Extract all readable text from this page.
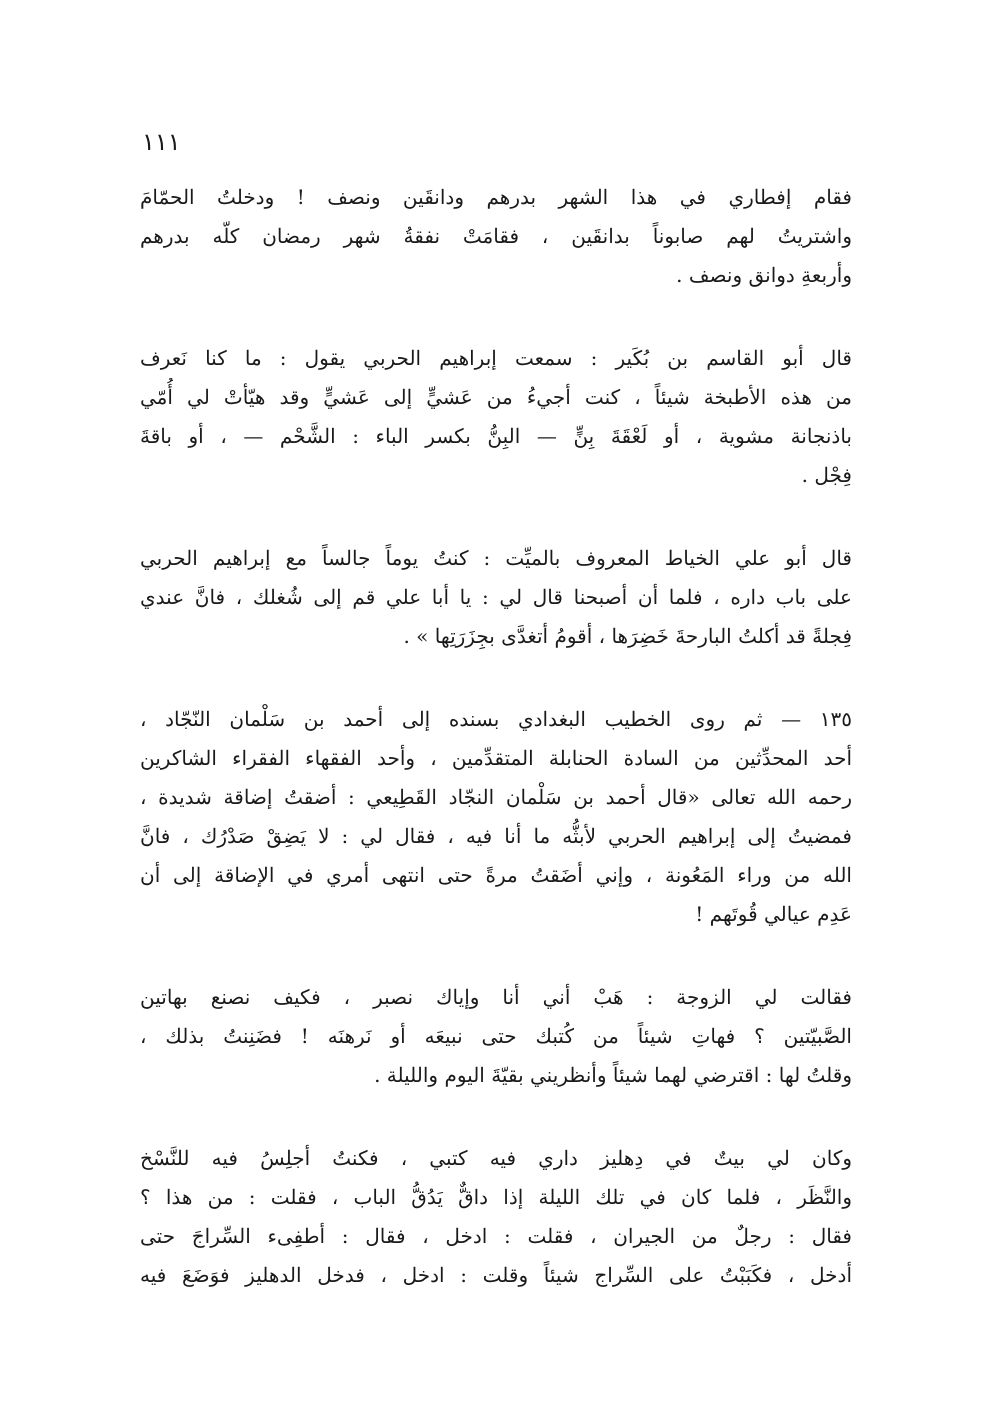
١١١
فقام إفطاري في هذا الشهر بدرهم ودانقَين ونصف ! ودخلتُ الحمّامَ
واشتريتُ لهم صابوناً بدانقَين ، فقامَتْ نفقةُ شهر رمضان كلّه بدرهم
وأربعةِ دوانق ونصف .
قال أبو القاسم بن بُكَير : سمعت إبراهيم الحربي يقول : ما كنا نَعرف
من هذه الأطبخة شيئاً ، كنت أجيءُ من عَشيٍّ إلى عَشيٍّ وقد هيّأتْ لي أُمّي
باذنجانة مشوية ، أو لَعْقَةَ بِنٍّ — البِنُّ بكسر الباء : الشَّحْم — ، أو باقةَ
فِجْل .
قال أبو علي الخياط المعروف بالميِّت : كنتُ يوماً جالساً مع إبراهيم الحربي
على باب داره ، فلما أن أصبحنا قال لي : يا أبا علي قم إلى شُغلك ، فانَّ عندي
فِجلةً قد أكلتُ البارحةَ خَضِرَها ، أقومُ أتغدَّى بجِزَرَتِها » .
١٣٥ — ثم روى الخطيب البغدادي بسنده إلى أحمد بن سَلْمان النّجّاد ،
أحد المحدِّثين من السادة الحنابلة المتقدِّمين ، وأحد الفقهاء الفقراء الشاكرين
رحمه الله تعالى «قال أحمد بن سَلْمان النجّاد القَطِيعي : أضقتُ إضاقة شديدة ،
فمضيتُ إلى إبراهيم الحربي لأبثُّه ما أنا فيه ، فقال لي : لا يَضِقْ صَدْرُك ، فانَّ
الله من وراء المَعُونة ، وإني أضَقتُ مرةً حتى انتهى أمري في الإضاقة إلى أن
عَدِم عيالي قُوتَهم !
فقالت لي الزوجة : هَبْ أني أنا وإياك نصبر ، فكيف نصنع بهاتين
الصَّبيّتين ؟ فهاتِ شيئاً من كُتبك حتى نبيعَه أو نَرهنَه ! فضَنِنتُ بذلك ،
وقلتُ لها : اقترضي لهما شيئاً وأنظريني بقيّةَ اليوم والليلة .
وكان لي بيتٌ في دِهليز داري فيه كتبي ، فكنتُ أجلِسُ فيه للنَّسْخ
والنَّظَر ، فلما كان في تلك الليلة إذا داقٌّ يَدُقُّ الباب ، فقلت : من هذا ؟
فقال : رجلٌ من الجيران ، فقلت : ادخل ، فقال : أطفِىء السِّراجَ حتى
أدخل ، فكَبَبْتُ على السِّراج شيئاً وقلت : ادخل ، فدخل الدهليز فوَضَعَ فيه
